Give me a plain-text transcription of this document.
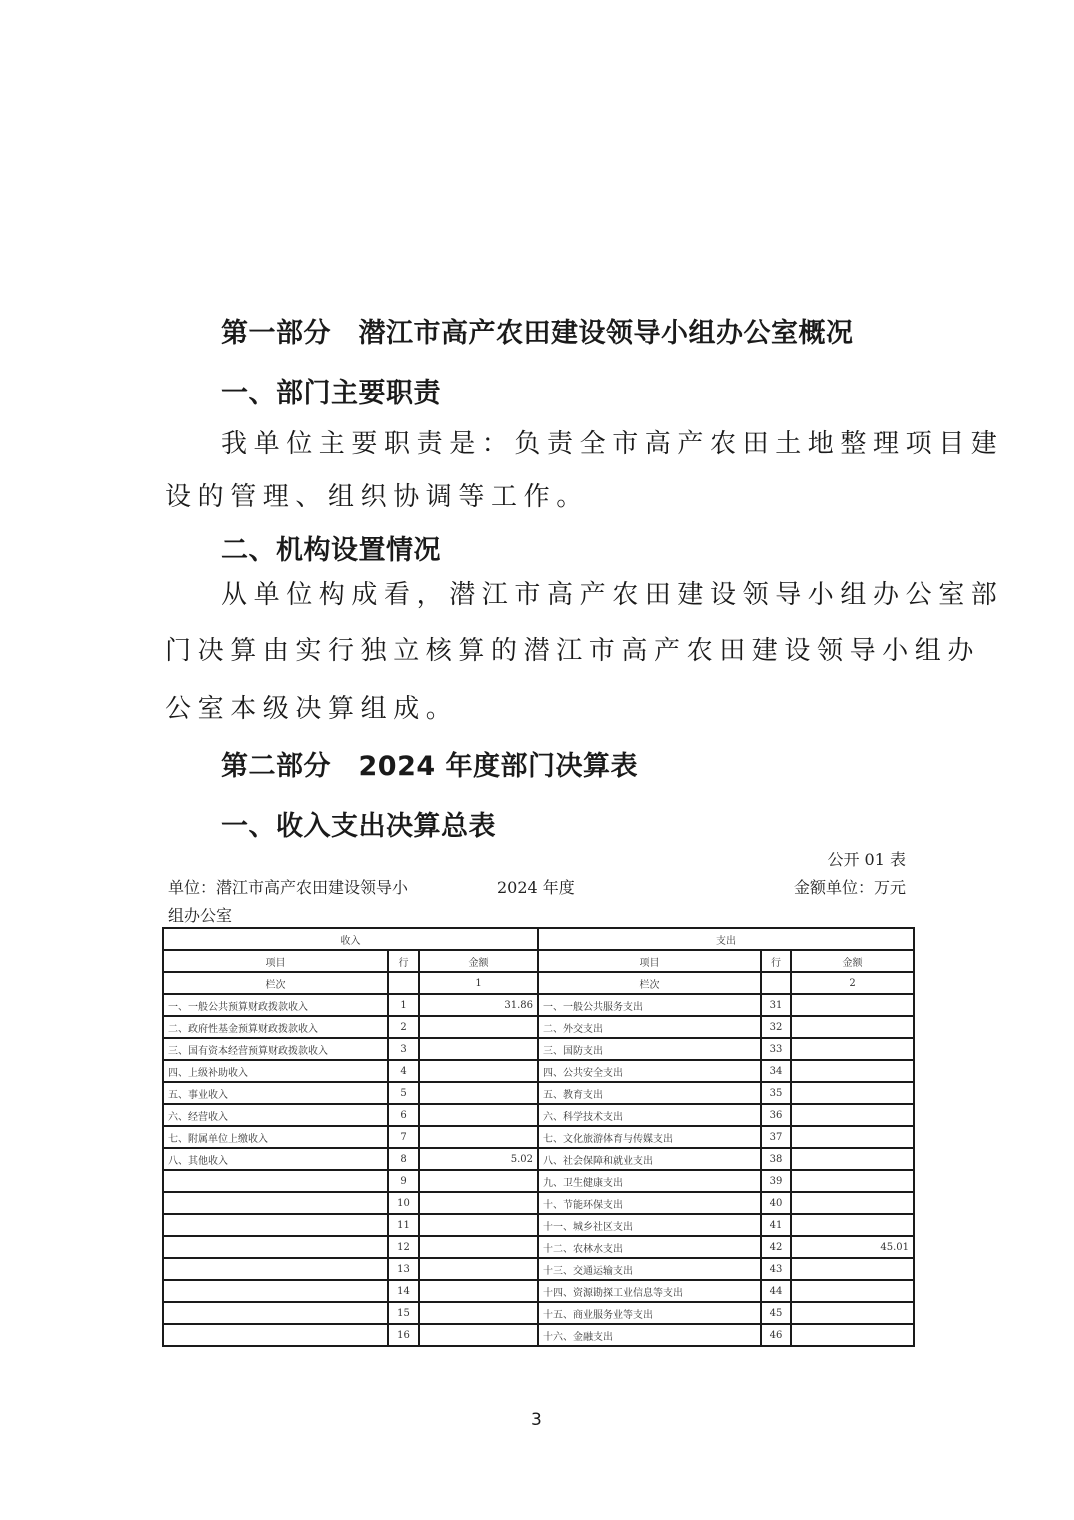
第一部分　潜江市高产农田建设领导小组办公室概况
一、部门主要职责
我单位主要职责是：负责全市高产农田土地整理项目建
设的管理、组织协调等工作。
二、机构设置情况
从单位构成看，潜江市高产农田建设领导小组办公室部
门决算由实行独立核算的潜江市高产农田建设领导小组办
公室本级决算组成。
第二部分　2024 年度部门决算表
一、收入支出决算总表
公开 01 表
单位：潜江市高产农田建设领导小
组办公室
2024 年度	金额单位：万元
收入			支出		
项目	行	金额	项目	行	金额
栏次		1	栏次		2
一、一般公共预算财政拨款收入	1	31.86	一、一般公共服务支出	31	
二、政府性基金预算财政拨款收入	2		二、外交支出	32	
三、国有资本经营预算财政拨款收入	3		三、国防支出	33	
四、上级补助收入	4		四、公共安全支出	34	
五、事业收入	5		五、教育支出	35	
六、经营收入	6		六、科学技术支出	36	
七、附属单位上缴收入	7		七、文化旅游体育与传媒支出	37	
八、其他收入	8	5.02	八、社会保障和就业支出	38	
	9		九、卫生健康支出	39	
	10		十、节能环保支出	40	
	11		十一、城乡社区支出	41	
	12		十二、农林水支出	42	45.01
	13		十三、交通运输支出	43	
	14		十四、资源勘探工业信息等支出	44	
	15		十五、商业服务业等支出	45	
	16		十六、金融支出	46	
3
